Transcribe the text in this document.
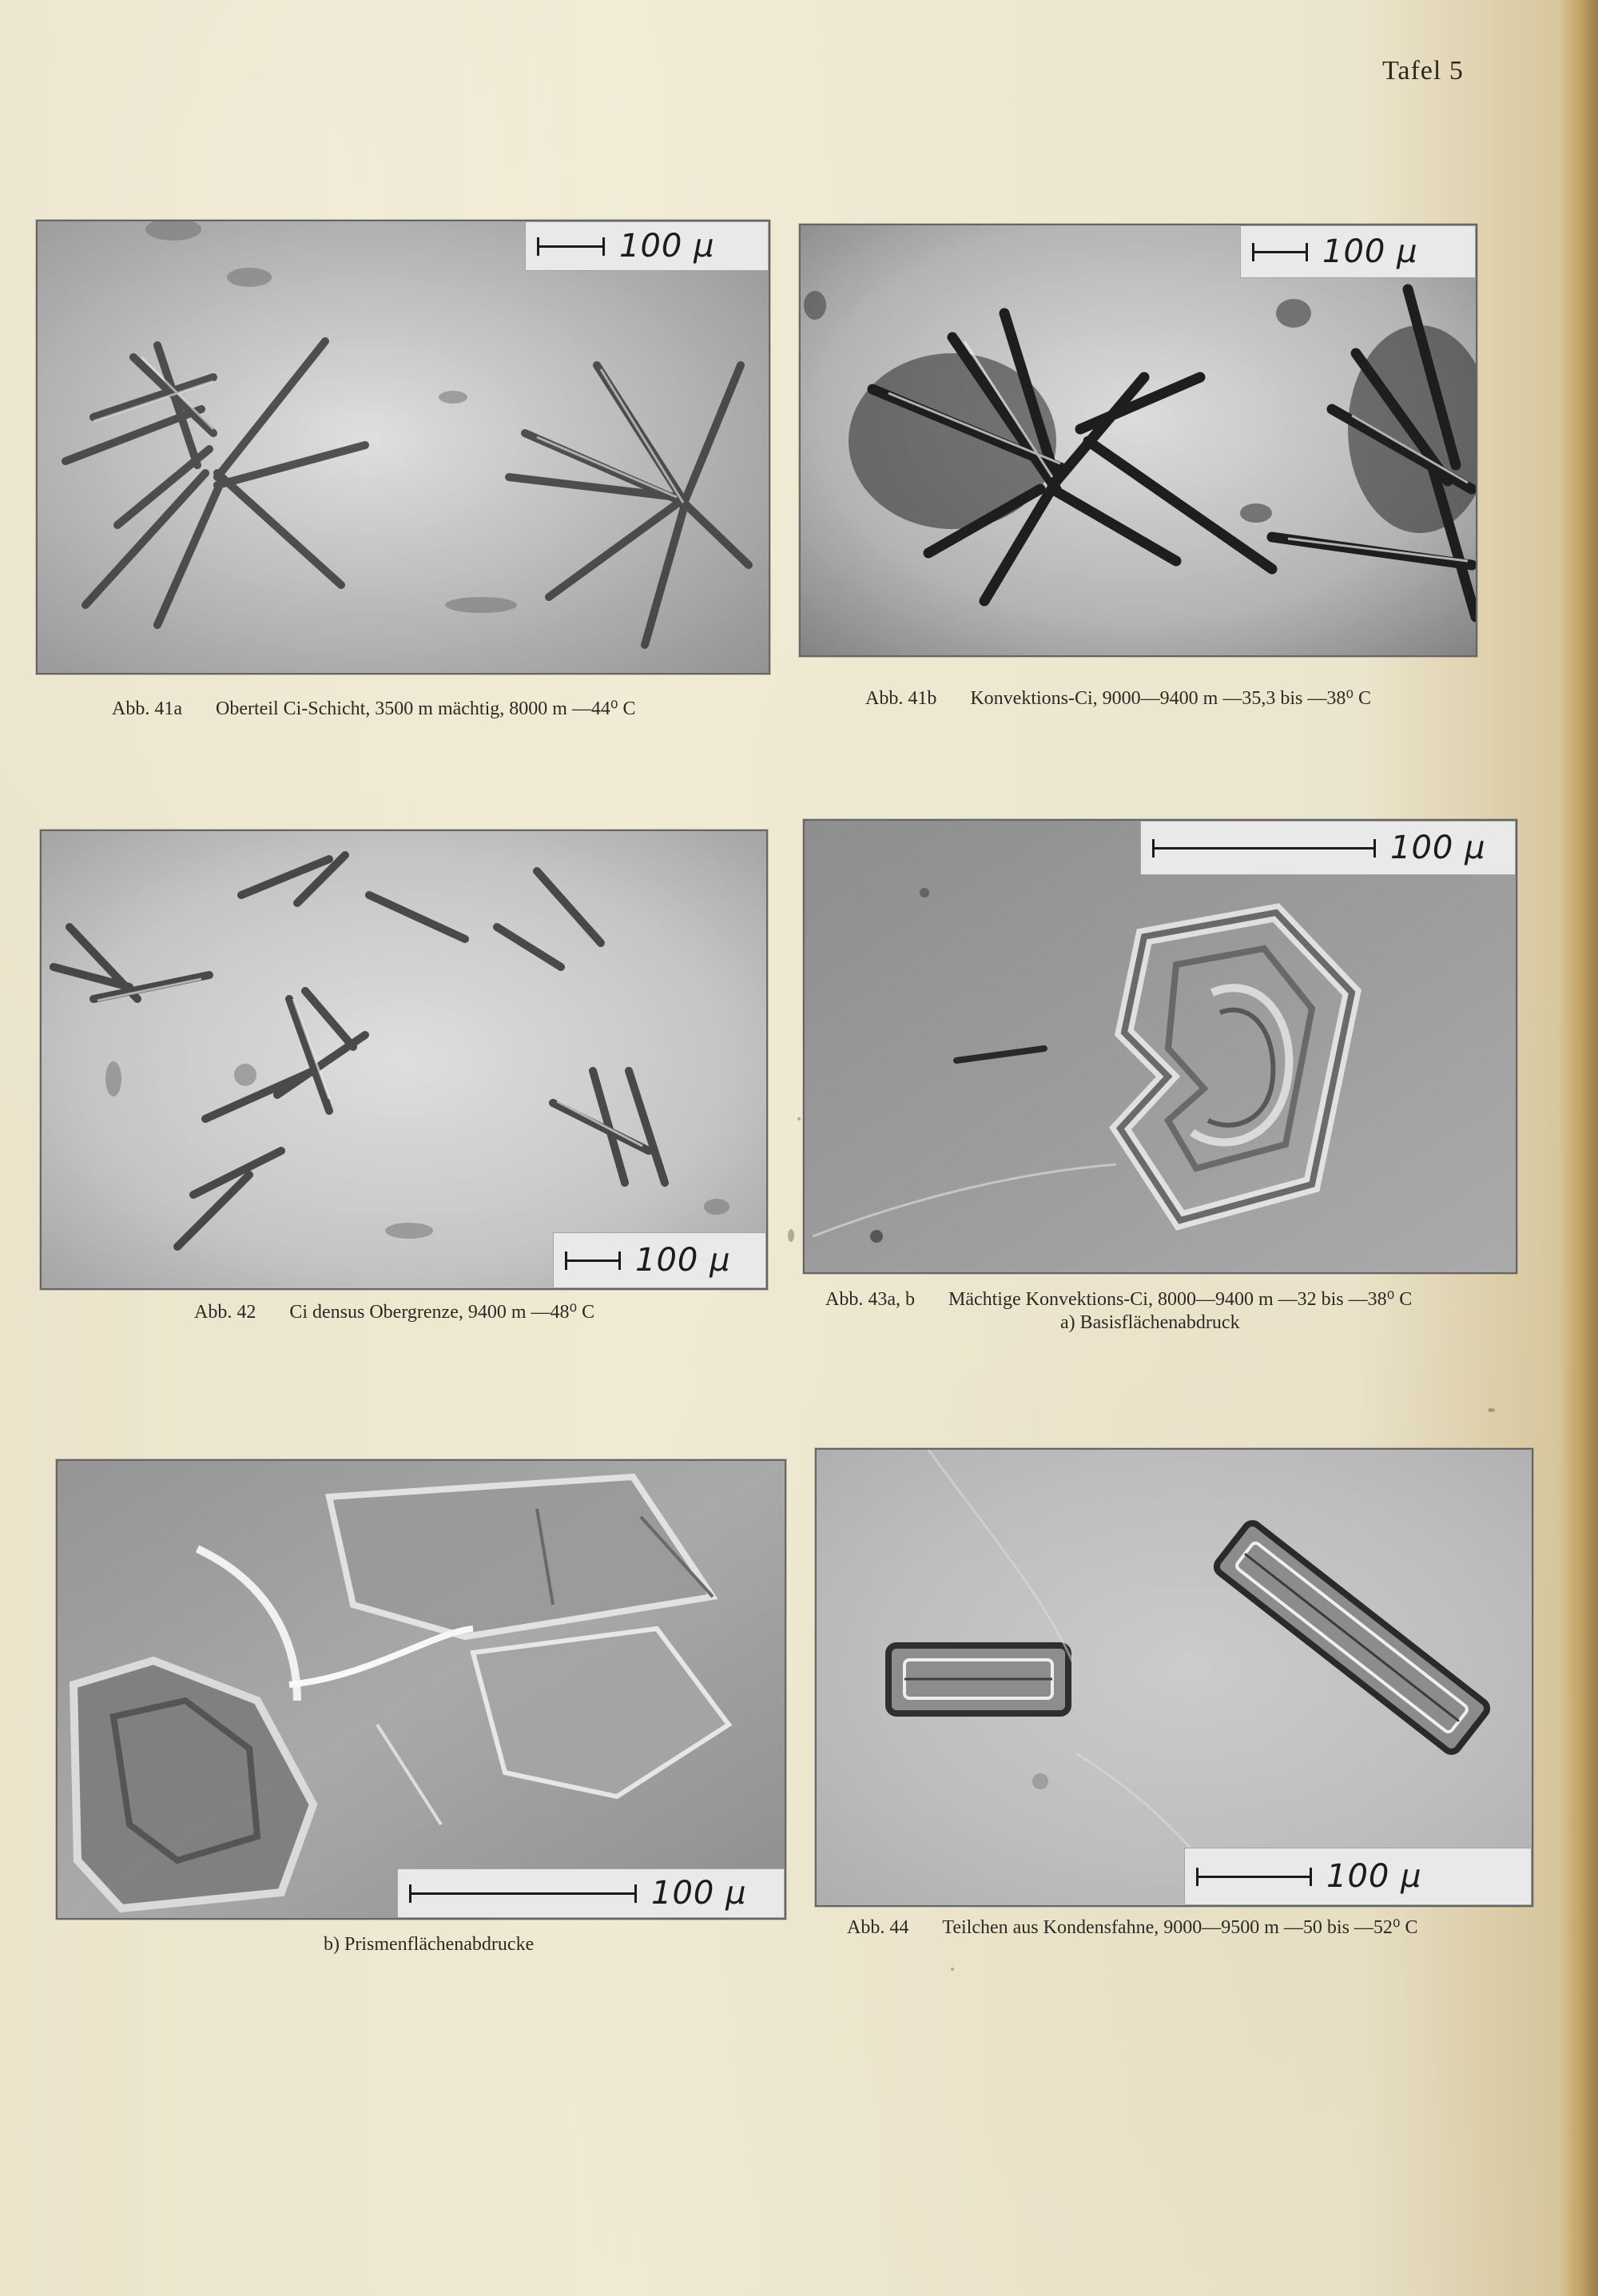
Tafel 5
100 μ
Abb. 41a Oberteil Ci-Schicht, 3500 m mächtig, 8000 m —44⁰ C
100 μ
Abb. 41b Konvektions-Ci, 9000—9400 m —35,3 bis —38⁰ C
100 μ
Abb. 42 Ci densus Obergrenze, 9400 m —48⁰ C
100 μ
Abb. 43a, b Mächtige Konvektions-Ci, 8000—9400 m —32 bis —38⁰ C
a) Basisflächenabdruck
100 μ
b) Prismenflächenabdrucke
100 μ
Abb. 44 Teilchen aus Kondensfahne, 9000—9500 m —50 bis —52⁰ C
